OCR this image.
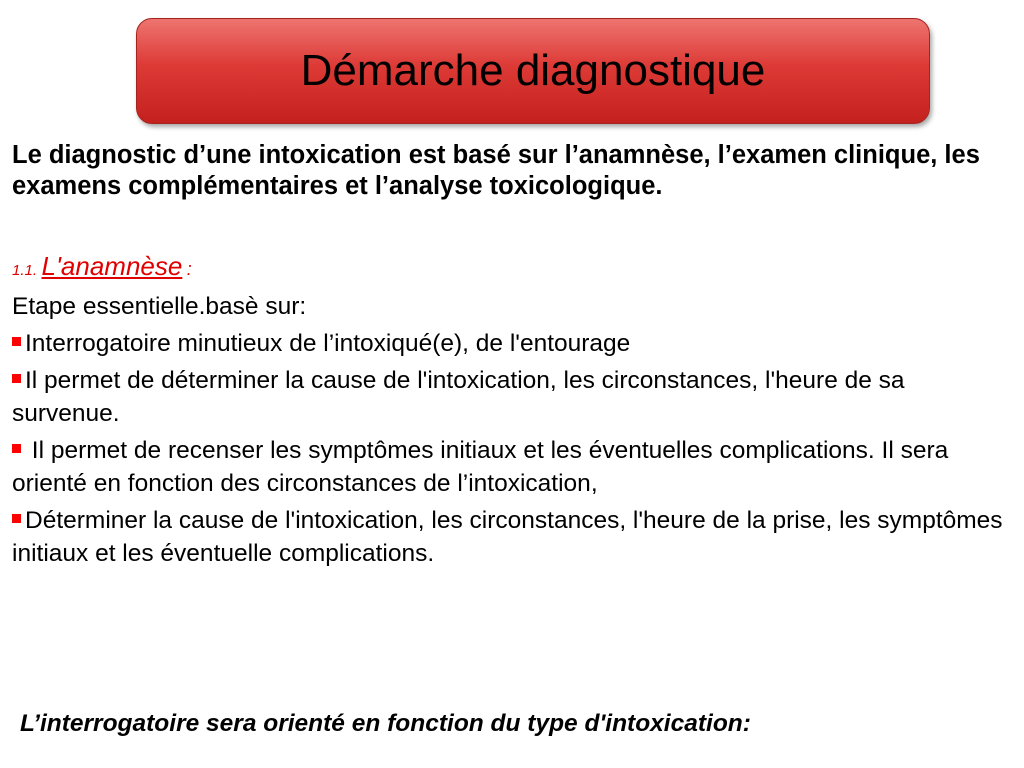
Démarche diagnostique

Le diagnostic d’une intoxication est basé sur l’anamnèse, l’examen clinique, les examens complémentaires et l’analyse toxicologique.

1.1. L'anamnèse :
Etape essentielle.basè sur:
Interrogatoire minutieux de l’intoxiqué(e), de l'entourage
Il permet de déterminer la cause de l'intoxication, les circonstances, l'heure de sa survenue.
Il permet de recenser les symptômes initiaux et les éventuelles complications. Il sera orienté en fonction des circonstances de l’intoxication,
Déterminer la cause de l'intoxication, les circonstances, l'heure de la prise, les symptômes initiaux et les éventuelle complications.
L’interrogatoire sera orienté en fonction du type d'intoxication:
